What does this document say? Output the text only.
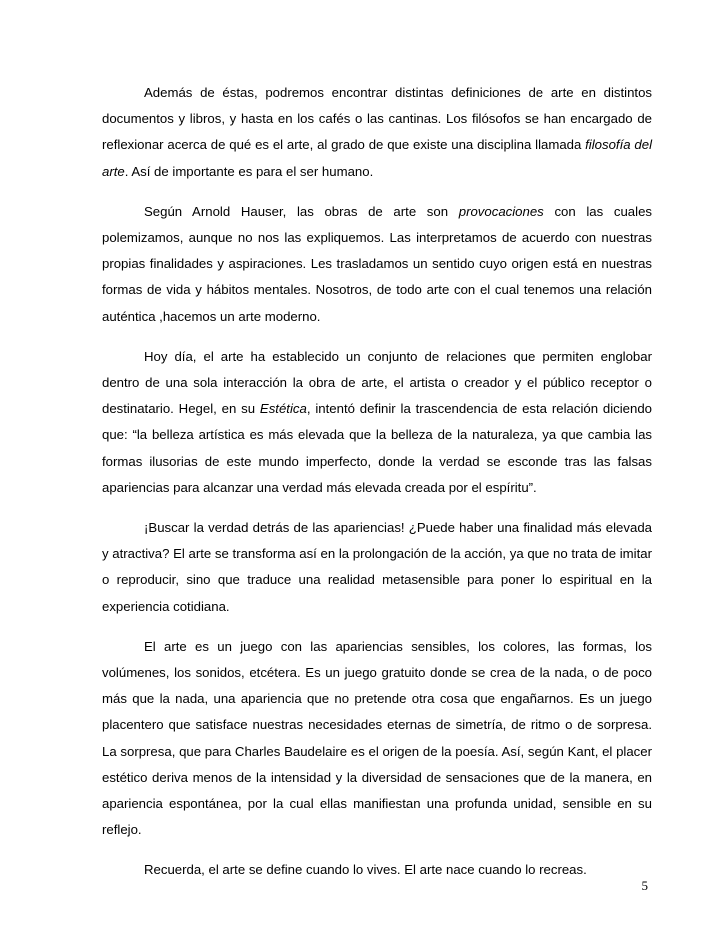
Además de éstas, podremos encontrar distintas definiciones de arte en distintos documentos y libros, y hasta en los cafés o las cantinas. Los filósofos se han encargado de reflexionar acerca de qué es el arte, al grado de que existe una disciplina llamada filosofía del arte. Así de importante es para el ser humano.

Según Arnold Hauser, las obras de arte son provocaciones con las cuales polemizamos, aunque no nos las expliquemos. Las interpretamos de acuerdo con nuestras propias finalidades y aspiraciones. Les trasladamos un sentido cuyo origen está en nuestras formas de vida y hábitos mentales. Nosotros, de todo arte con el cual tenemos una relación auténtica ,hacemos un arte moderno.

Hoy día, el arte ha establecido un conjunto de relaciones que permiten englobar dentro de una sola interacción la obra de arte, el artista o creador y el público receptor o destinatario. Hegel, en su Estética, intentó definir la trascendencia de esta relación diciendo que: “la belleza artística es más elevada que la belleza de la naturaleza, ya que cambia las formas ilusorias de este mundo imperfecto, donde la verdad se esconde tras las falsas apariencias para alcanzar una verdad más elevada creada por el espíritu”.

¡Buscar la verdad detrás de las apariencias! ¿Puede haber una finalidad más elevada y atractiva? El arte se transforma así en la prolongación de la acción, ya que no trata de imitar o reproducir, sino que traduce una realidad metasensible para poner lo espiritual en la experiencia cotidiana.

El arte es un juego con las apariencias sensibles, los colores, las formas, los volúmenes, los sonidos, etcétera. Es un juego gratuito donde se crea de la nada, o de poco más que la nada, una apariencia que no pretende otra cosa que engañarnos. Es un juego placentero que satisface nuestras necesidades eternas de simetría, de ritmo o de sorpresa. La sorpresa, que para Charles Baudelaire es el origen de la poesía. Así, según Kant, el placer estético deriva menos de la intensidad y la diversidad de sensaciones que de la manera, en apariencia espontánea, por la cual ellas manifiestan una profunda unidad, sensible en su reflejo.

Recuerda, el arte se define cuando lo vives. El arte nace cuando lo recreas.

5
